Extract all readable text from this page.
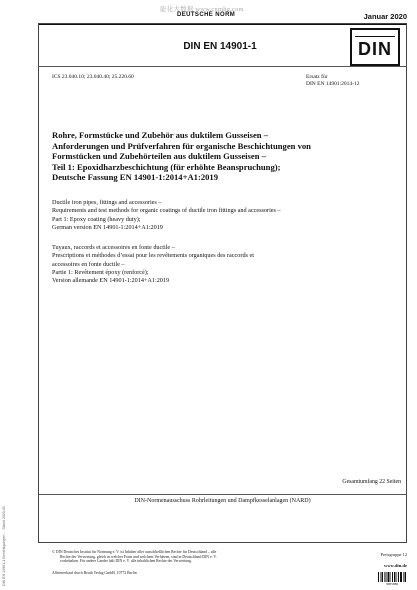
能化大数据 www.cnmhg.com
DEUTSCHE NORM	Januar 2020
DIN EN 14901-1	DIN
ICS 23.040.10; 23.040.40; 25.220.60	Ersatz für
DIN EN 14901:2014-12
Rohre, Formstücke und Zubehör aus duktilem Gusseisen –
Anforderungen und Prüfverfahren für organische Beschichtungen von
Formstücken und Zubehörteilen aus duktilem Gusseisen –
Teil 1: Epoxidharzbeschichtung (für erhöhte Beanspruchung);
Deutsche Fassung EN 14901-1:2014+A1:2019
Ductile iron pipes, fittings and accessories –
Requirements and test methods for organic coatings of ductile iron fittings and accessories –
Part 1: Epoxy coating (heavy duty);
German version EN 14901-1:2014+A1:2019
Tuyaux, raccords et accessoires en fonte ductile –
Prescriptions et méthodes d’essai pour les revêtements organiques des raccords et
accessoires en fonte ductile –
Partie 1: Revêtement époxy (renforcé);
Version allemande EN 14901-1:2014+A1:2019
Gesamtumfang 22 Seiten
DIN-Normenausschuss Rohrleitungen und Dampfkesselanlagen (NARD)
© DIN Deutsches Institut für Normung e. V. ist Inhaber aller ausschließlichen Rechte für Deutschland – alle
Rechte der Verwertung, gleich in welcher Form und welchem Verfahren, sind in Deutschland DIN e. V.
vorbehalten. Für andere Länder hält DIN e. V. alle inhaltlichen Rechte der Verwertung.
Alleinverkauf durch Beuth Verlag GmbH, 10772 Berlin
Preisgruppe 12
www.din.de
3085886
DIN EN 14901-1 Berichtigungen ... Stand 2020-01
